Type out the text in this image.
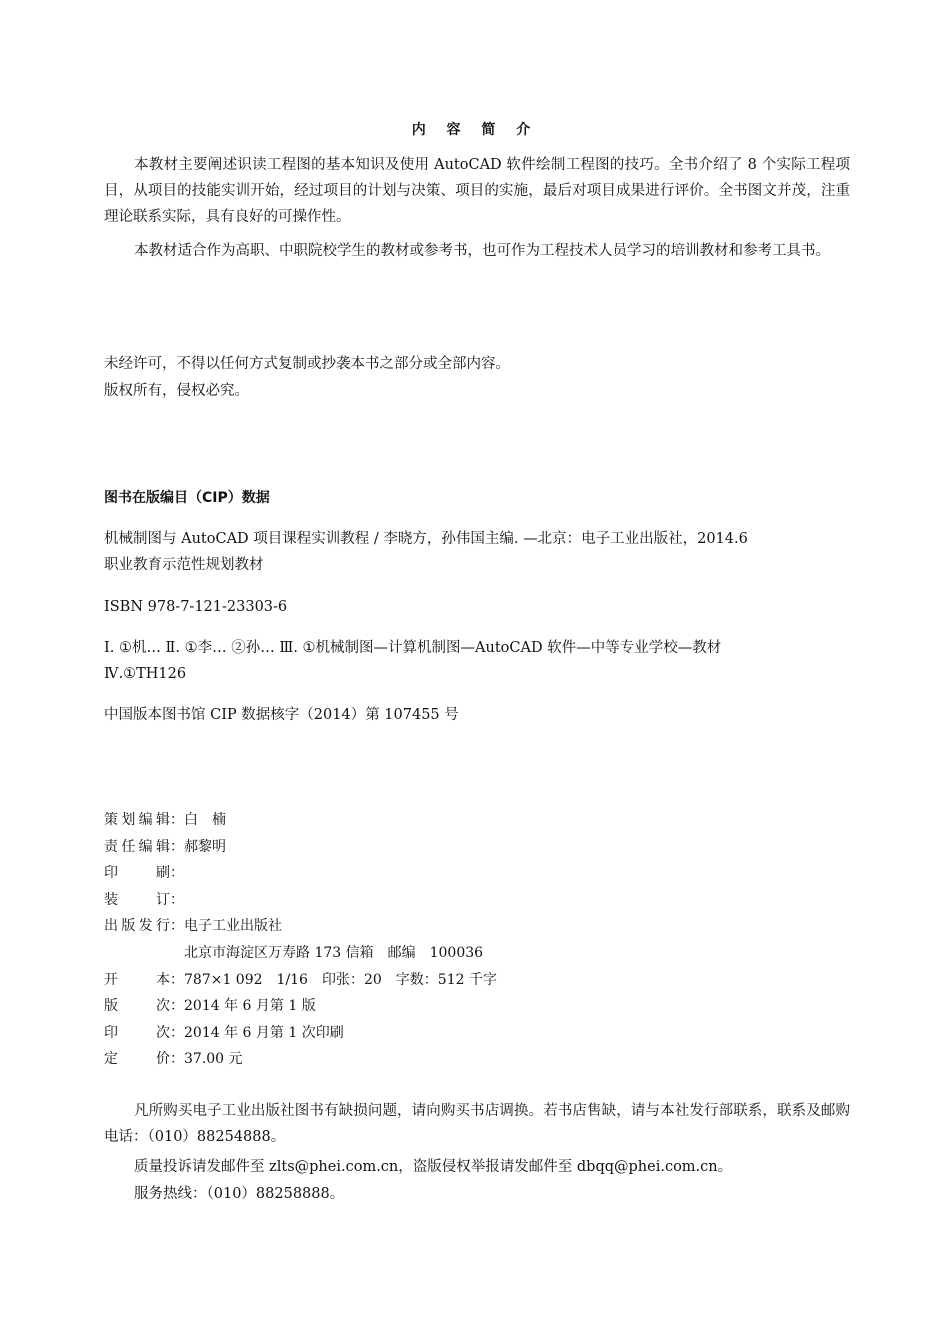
内 容 简 介
本教材主要阐述识读工程图的基本知识及使用 AutoCAD 软件绘制工程图的技巧。全书介绍了 8 个实际工程项目，从项目的技能实训开始，经过项目的计划与决策、项目的实施，最后对项目成果进行评价。全书图文并茂，注重理论联系实际，具有良好的可操作性。
本教材适合作为高职、中职院校学生的教材或参考书，也可作为工程技术人员学习的培训教材和参考工具书。
未经许可，不得以任何方式复制或抄袭本书之部分或全部内容。
版权所有，侵权必究。
图书在版编目（CIP）数据
机械制图与 AutoCAD 项目课程实训教程 / 李晓方，孙伟国主编. —北京：电子工业出版社，2014.6
职业教育示范性规划教材
ISBN 978-7-121-23303-6
Ⅰ. ①机… Ⅱ. ①李… ②孙… Ⅲ. ①机械制图—计算机制图—AutoCAD 软件—中等专业学校—教材
Ⅳ.①TH126
中国版本图书馆 CIP 数据核字（2014）第 107455 号
策 划 编 辑 ： 白　楠
责 任 编 辑 ： 郝黎明
印	刷 ：
装	订 ：
出 版 发 行 ： 电子工业出版社
北京市海淀区万寿路 173 信箱　邮编　100036
开	本 ： 787×1 092　1/16　印张：20　字数：512 千字
版	次 ： 2014 年 6 月第 1 版
印	次 ： 2014 年 6 月第 1 次印刷
定	价 ： 37.00 元
凡所购买电子工业出版社图书有缺损问题，请向购买书店调换。若书店售缺，请与本社发行部联系，联系及邮购电话：（010）88254888。
质量投诉请发邮件至 zlts@phei.com.cn，盗版侵权举报请发邮件至 dbqq@phei.com.cn。
服务热线：（010）88258888。
